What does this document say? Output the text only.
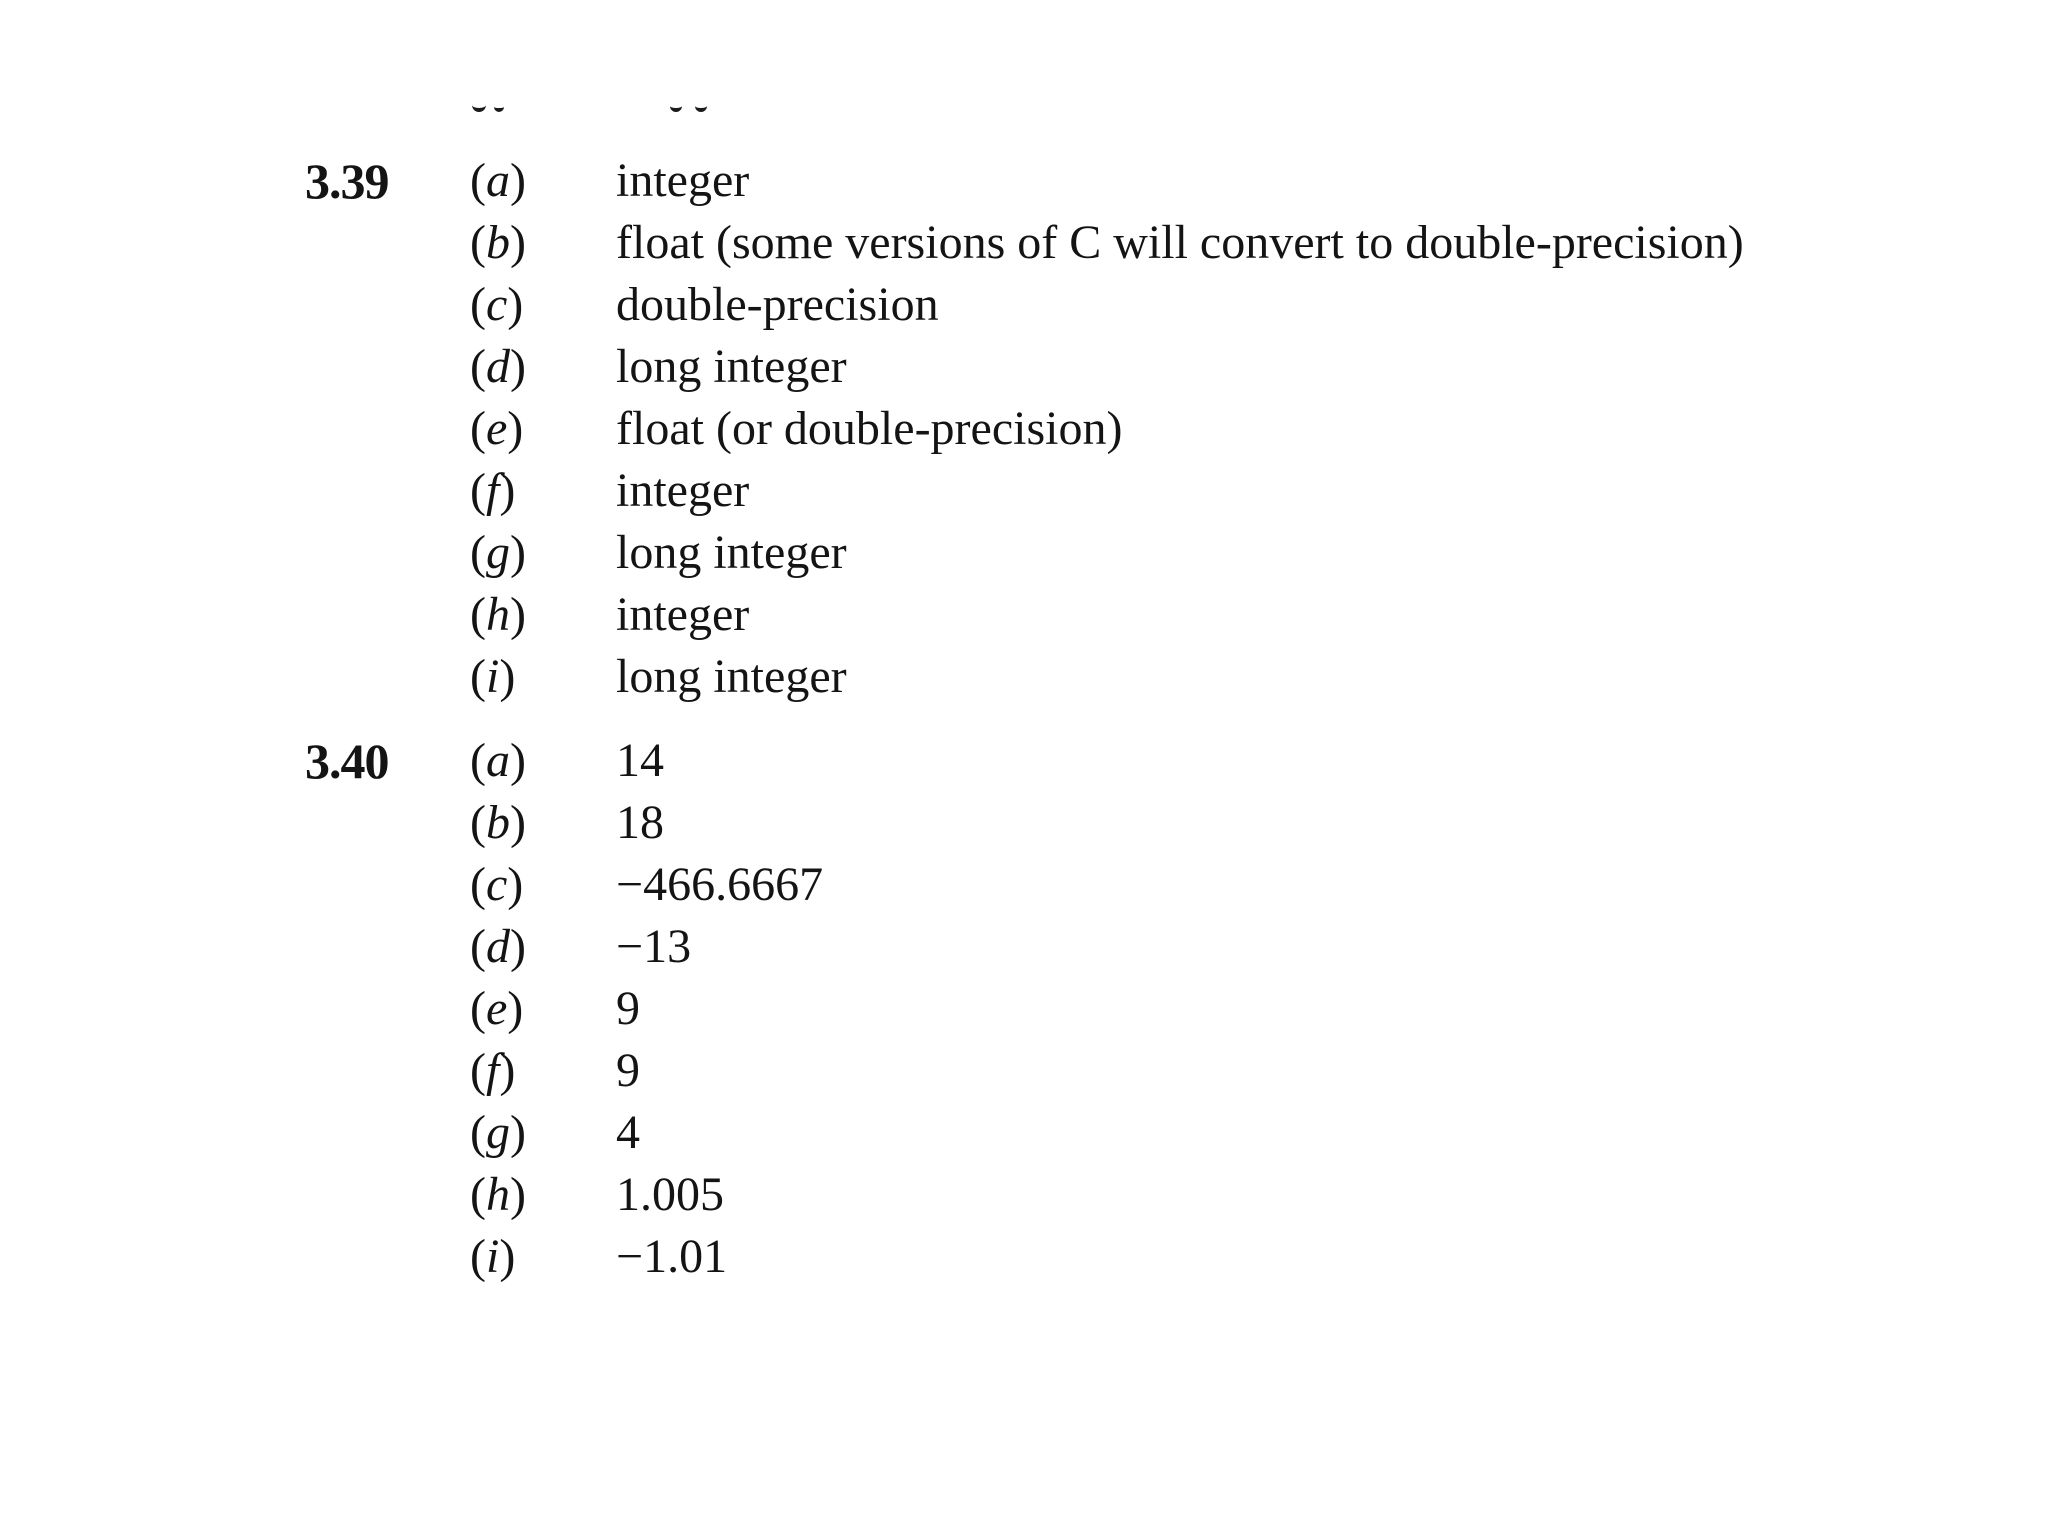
3.39 (a) integer
(b) float (some versions of C will convert to double-precision)
(c) double-precision
(d) long integer
(e) float (or double-precision)
(f) integer
(g) long integer
(h) integer
(i) long integer
3.40 (a) 14
(b) 18
(c) −466.6667
(d) −13
(e) 9
(f) 9
(g) 4
(h) 1.005
(i) −1.01
